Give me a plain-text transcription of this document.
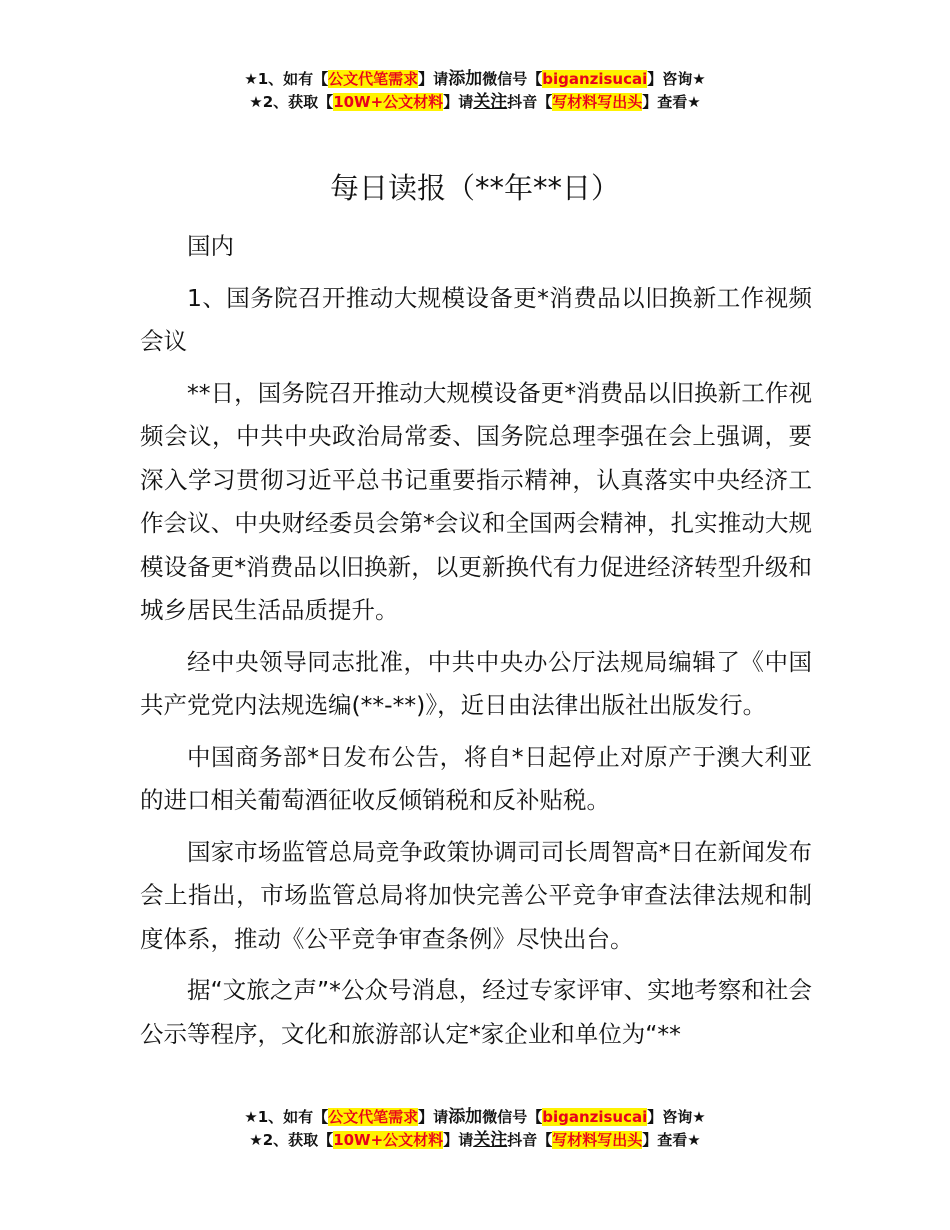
★1、如有【公文代笔需求】请添加微信号【biganzisucai】咨询★
★2、获取【10W+公文材料】请关注抖音【写材料写出头】查看★
每日读报（**年**日）

国内

1、国务院召开推动大规模设备更*消费品以旧换新工作视频会议

**日，国务院召开推动大规模设备更*消费品以旧换新工作视频会议，中共中央政治局常委、国务院总理李强在会上强调，要深入学习贯彻习近平总书记重要指示精神，认真落实中央经济工作会议、中央财经委员会第*会议和全国两会精神，扎实推动大规模设备更*消费品以旧换新，以更新换代有力促进经济转型升级和城乡居民生活品质提升。

经中央领导同志批准，中共中央办公厅法规局编辑了《中国共产党党内法规选编(**-**)》，近日由法律出版社出版发行。

中国商务部*日发布公告，将自*日起停止对原产于澳大利亚的进口相关葡萄酒征收反倾销税和反补贴税。

国家市场监管总局竞争政策协调司司长周智高*日在新闻发布会上指出，市场监管总局将加快完善公平竞争审查法律法规和制度体系，推动《公平竞争审查条例》尽快出台。

据“文旅之声”*公众号消息，经过专家评审、实地考察和社会公示等程序，文化和旅游部认定*家企业和单位为“**

★1、如有【公文代笔需求】请添加微信号【biganzisucai】咨询★
★2、获取【10W+公文材料】请关注抖音【写材料写出头】查看★
